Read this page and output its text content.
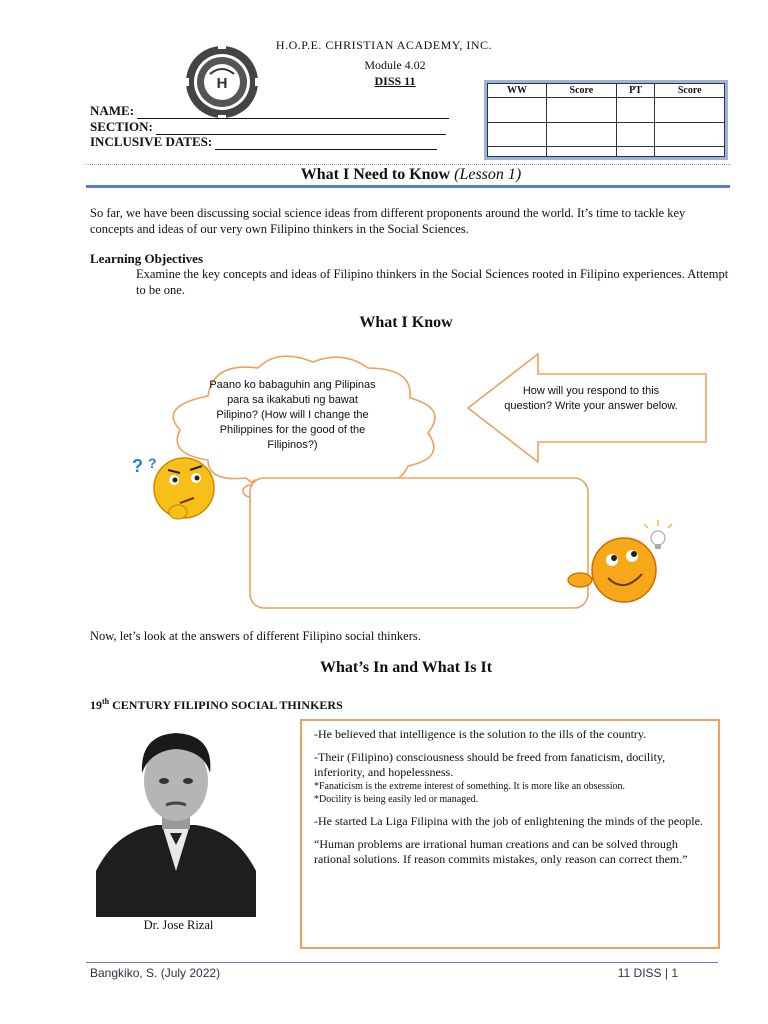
H
H.O.P.E. CHRISTIAN ACADEMY, INC.
Module 4.02
DISS 11
NAME:
SECTION:
INCLUSIVE DATES:
WW	Score	PT	Score

What I Need to Know (Lesson 1)
So far, we have been discussing social science ideas from different proponents around the world. It’s time to tackle key concepts and ideas of our very own Filipino thinkers in the Social Sciences.
Learning Objectives
Examine the key concepts and ideas of Filipino thinkers in the Social Sciences rooted in Filipino experiences. Attempt to be one.
What I Know
? ?
Paano ko babaguhin ang Pilipinas para sa ikakabuti ng bawat Pilipino? (How will I change the Philippines for the good of the Filipinos?)
How will you respond to this question? Write your answer below.
Now, let’s look at the answers of different Filipino social thinkers.
What’s In and What Is It
19th CENTURY FILIPINO SOCIAL THINKERS
Dr. Jose Rizal

-He believed that intelligence is the solution to the ills of the country.

-Their (Filipino) consciousness should be freed from fanaticism, docility, inferiority, and hopelessness.

*Fanaticism is the extreme interest of something. It is more like an obsession.
*Docility is being easily led or managed.

-He started La Liga Filipina with the job of enlightening the minds of the people.

“Human problems are irrational human creations and can be solved through rational solutions. If reason commits mistakes, only reason can correct them.”

Bangkiko, S. (July 2022)	11 DISS | 1
